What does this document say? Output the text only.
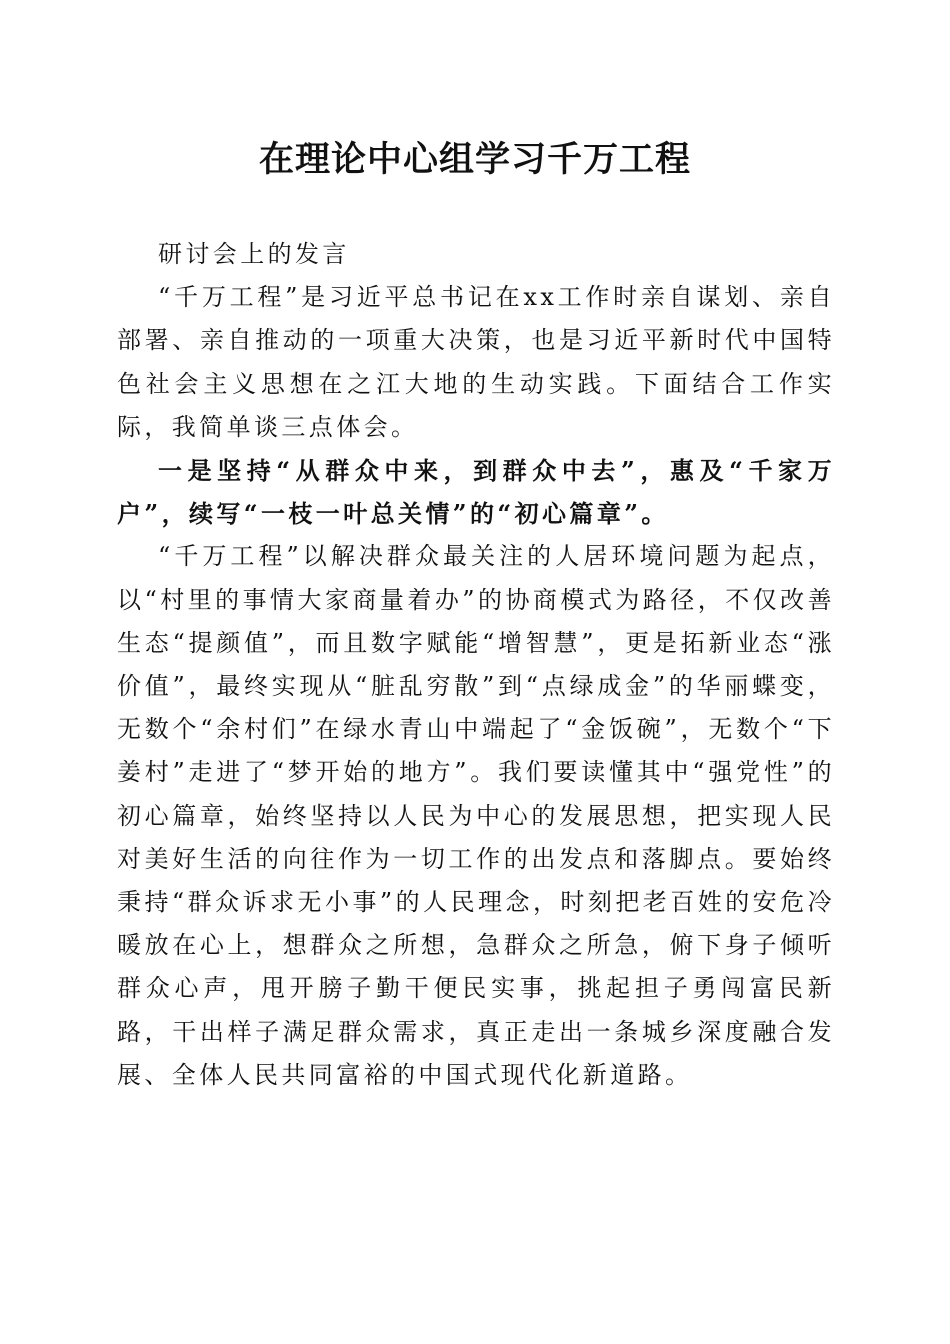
在理论中心组学习千万工程

研讨会上的发言

“千万工程”是习近平总书记在xx工作时亲自谋划、亲自部署、亲自推动的一项重大决策，也是习近平新时代中国特色社会主义思想在之江大地的生动实践。下面结合工作实际，我简单谈三点体会。

一是坚持“从群众中来，到群众中去”，惠及“千家万户”，续写“一枝一叶总关情”的“初心篇章”。

“千万工程”以解决群众最关注的人居环境问题为起点，以“村里的事情大家商量着办”的协商模式为路径，不仅改善生态“提颜值”，而且数字赋能“增智慧”，更是拓新业态“涨价值”，最终实现从“脏乱穷散”到“点绿成金”的华丽蝶变，无数个“余村们”在绿水青山中端起了“金饭碗”，无数个“下姜村”走进了“梦开始的地方”。我们要读懂其中“强党性”的初心篇章，始终坚持以人民为中心的发展思想，把实现人民对美好生活的向往作为一切工作的出发点和落脚点。要始终秉持“群众诉求无小事”的人民理念，时刻把老百姓的安危冷暖放在心上，想群众之所想，急群众之所急，俯下身子倾听群众心声，甩开膀子勤干便民实事，挑起担子勇闯富民新路，干出样子满足群众需求，真正走出一条城乡深度融合发展、全体人民共同富裕的中国式现代化新道路。
